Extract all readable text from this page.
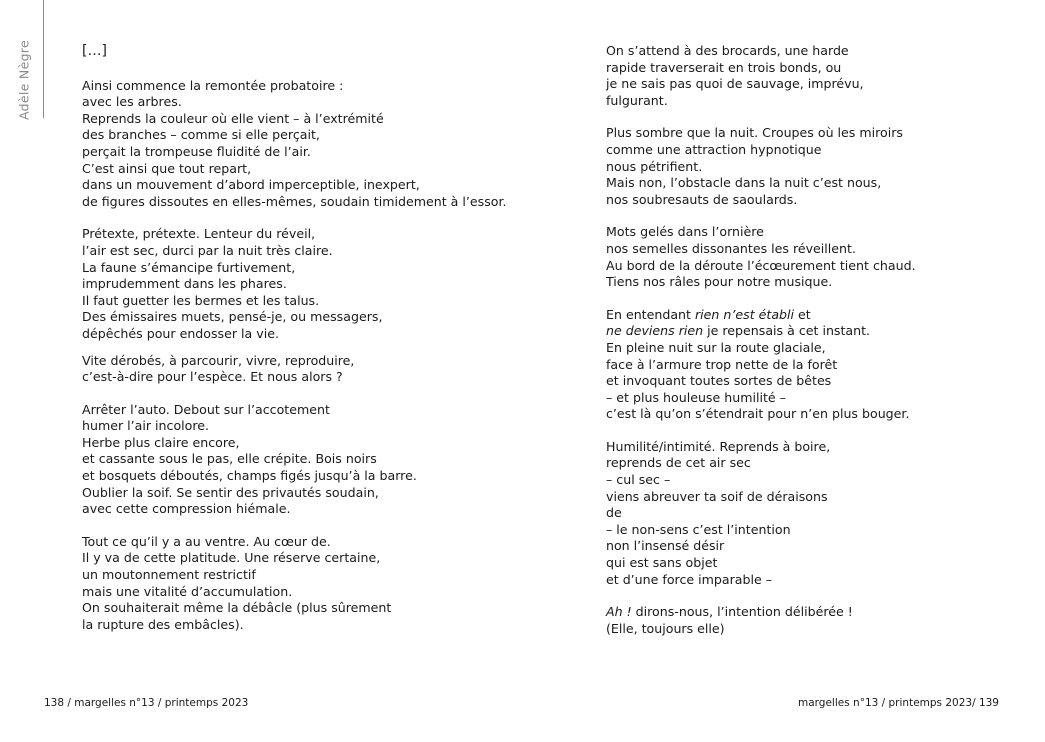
Adèle Nègre	[…]
Ainsi commence la remontée probatoire :
avec les arbres.
Reprends la couleur où elle vient – à l’extrémité
des branches – comme si elle perçait,
perçait la trompeuse fluidité de l’air.
C’est ainsi que tout repart,
dans un mouvement d’abord imperceptible, inexpert,
de figures dissoutes en elles-mêmes, soudain timidement à l’essor.
Prétexte, prétexte. Lenteur du réveil,
l’air est sec, durci par la nuit très claire.
La faune s’émancipe furtivement,
imprudemment dans les phares.
Il faut guetter les bermes et les talus.
Des émissaires muets, pensé-je, ou messagers,
dépêchés pour endosser la vie.
Vite dérobés, à parcourir, vivre, reproduire,
c’est-à-dire pour l’espèce. Et nous alors ?
Arrêter l’auto. Debout sur l’accotement
humer l’air incolore.
Herbe plus claire encore,
et cassante sous le pas, elle crépite. Bois noirs
et bosquets déboutés, champs figés jusqu’à la barre.
Oublier la soif. Se sentir des privautés soudain,
avec cette compression hiémale.
Tout ce qu’il y a au ventre. Au cœur de.
Il y va de cette platitude. Une réserve certaine,
un moutonnement restrictif
mais une vitalité d’accumulation.
On souhaiterait même la débâcle (plus sûrement
la rupture des embâcles).
On s’attend à des brocards, une harde
rapide traverserait en trois bonds, ou
je ne sais pas quoi de sauvage, imprévu,
fulgurant.
Plus sombre que la nuit. Croupes où les miroirs
comme une attraction hypnotique
nous pétrifient.
Mais non, l’obstacle dans la nuit c’est nous,
nos soubresauts de saoulards.
Mots gelés dans l’ornière
nos semelles dissonantes les réveillent.
Au bord de la déroute l’écœurement tient chaud.
Tiens nos râles pour notre musique.
En entendant rien n’est établi et
ne deviens rien je repensais à cet instant.
En pleine nuit sur la route glaciale,
face à l’armure trop nette de la forêt
et invoquant toutes sortes de bêtes
– et plus houleuse humilité –
c’est là qu’on s’étendrait pour n’en plus bouger.
Humilité/intimité. Reprends à boire,
reprends de cet air sec
– cul sec –
viens abreuver ta soif de déraisons
de
– le non-sens c’est l’intention
non l’insensé désir
qui est sans objet
et d’une force imparable –
Ah ! dirons-nous, l’intention délibérée !
(Elle, toujours elle)
138 / margelles n°13 / printemps 2023	margelles n°13 / printemps 2023/ 139
